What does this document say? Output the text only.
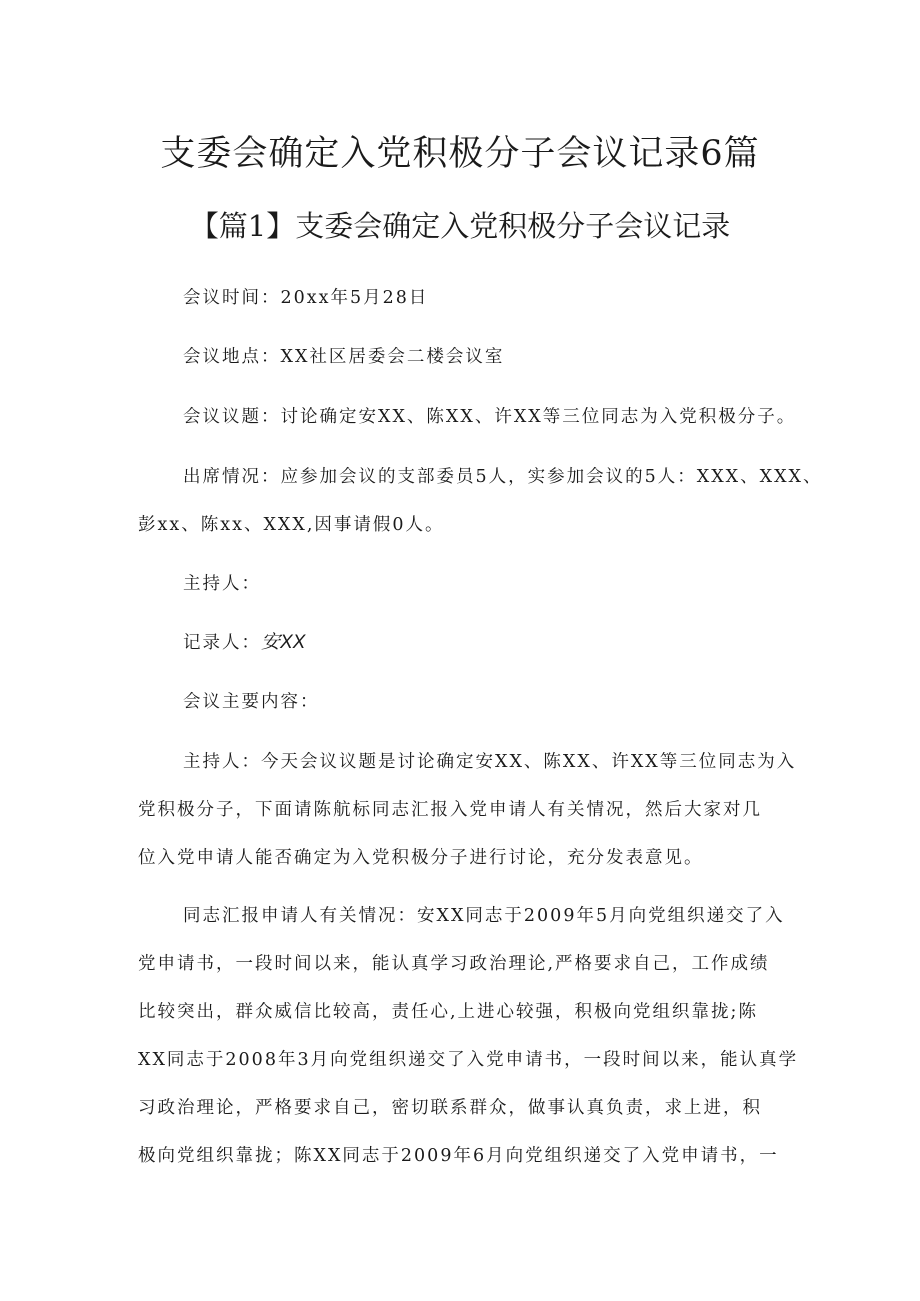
支委会确定入党积极分子会议记录6篇
【篇1】支委会确定入党积极分子会议记录

会议时间：20xx年5月28日

会议地点：XX社区居委会二楼会议室

会议议题：讨论确定安XX、陈XX、许XX等三位同志为入党积极分子。

出席情况：应参加会议的支部委员5人，实参加会议的5人：XXX、XXX、

彭xx、陈xx、XXX,因事请假0人。

主持人：

记录人：安XX

会议主要内容：

主持人：今天会议议题是讨论确定安XX、陈XX、许XX等三位同志为入

党积极分子，下面请陈航标同志汇报入党申请人有关情况，然后大家对几

位入党申请人能否确定为入党积极分子进行讨论，充分发表意见。

同志汇报申请人有关情况：安XX同志于2009年5月向党组织递交了入

党申请书，一段时间以来，能认真学习政治理论,严格要求自己，工作成绩

比较突出，群众威信比较高，责任心,上进心较强，积极向党组织靠拢;陈

XX同志于2008年3月向党组织递交了入党申请书，一段时间以来，能认真学

习政治理论，严格要求自己，密切联系群众，做事认真负责，求上进，积

极向党组织靠拢；陈XX同志于2009年6月向党组织递交了入党申请书，一
